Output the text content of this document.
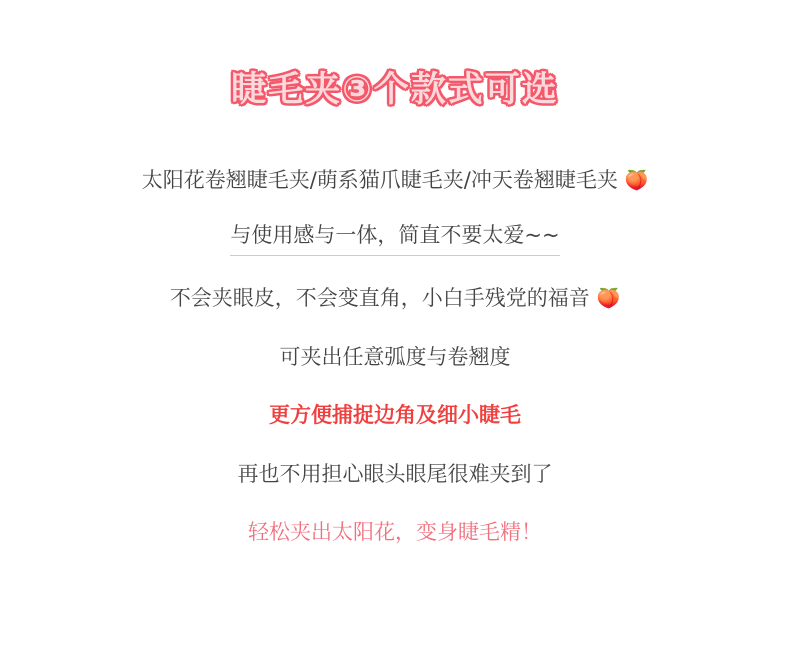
睫毛夹③个款式可选
太阳花卷翘睫毛夹/萌系猫爪睫毛夹/冲天卷翘睫毛夹 🍑
与使用感与一体，简直不要太爱~~
不会夹眼皮，不会变直角，小白手残党的福音 🍑
可夹出任意弧度与卷翘度
更方便捕捉边角及细小睫毛
再也不用担心眼头眼尾很难夹到了
轻松夹出太阳花，变身睫毛精！
